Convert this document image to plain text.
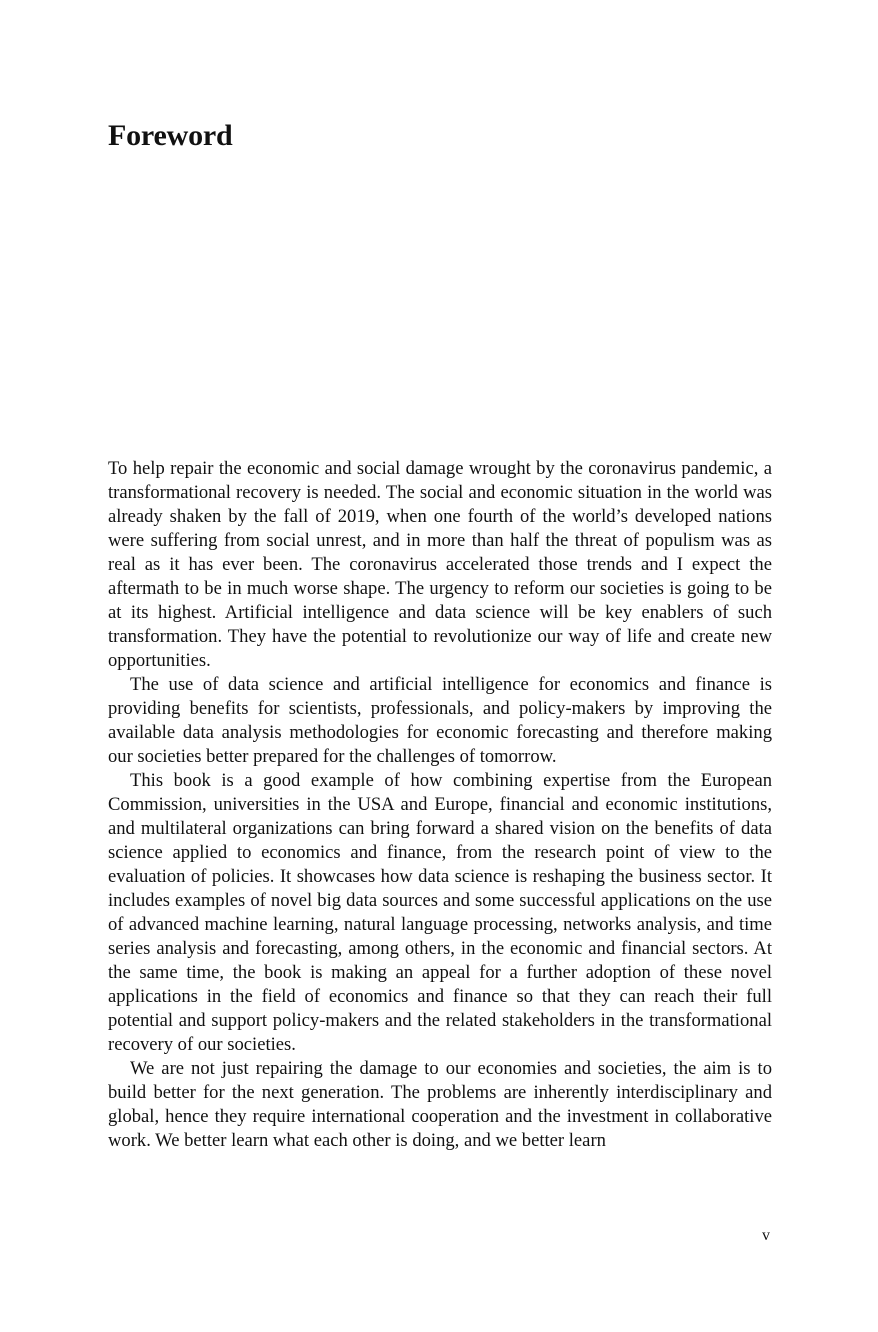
Foreword

To help repair the economic and social damage wrought by the coronavirus pandemic, a transformational recovery is needed. The social and economic situation in the world was already shaken by the fall of 2019, when one fourth of the world’s developed nations were suffering from social unrest, and in more than half the threat of populism was as real as it has ever been. The coronavirus accelerated those trends and I expect the aftermath to be in much worse shape. The urgency to reform our societies is going to be at its highest. Artificial intelligence and data science will be key enablers of such transformation. They have the potential to revolutionize our way of life and create new opportunities.

The use of data science and artificial intelligence for economics and finance is providing benefits for scientists, professionals, and policy-makers by improving the available data analysis methodologies for economic forecasting and therefore making our societies better prepared for the challenges of tomorrow.

This book is a good example of how combining expertise from the European Commission, universities in the USA and Europe, financial and economic institutions, and multilateral organizations can bring forward a shared vision on the benefits of data science applied to economics and finance, from the research point of view to the evaluation of policies. It showcases how data science is reshaping the business sector. It includes examples of novel big data sources and some successful applications on the use of advanced machine learning, natural language processing, networks analysis, and time series analysis and forecasting, among others, in the economic and financial sectors. At the same time, the book is making an appeal for a further adoption of these novel applications in the field of economics and finance so that they can reach their full potential and support policy-makers and the related stakeholders in the transformational recovery of our societies.

We are not just repairing the damage to our economies and societies, the aim is to build better for the next generation. The problems are inherently interdisciplinary and global, hence they require international cooperation and the investment in collaborative work. We better learn what each other is doing, and we better learn

v
